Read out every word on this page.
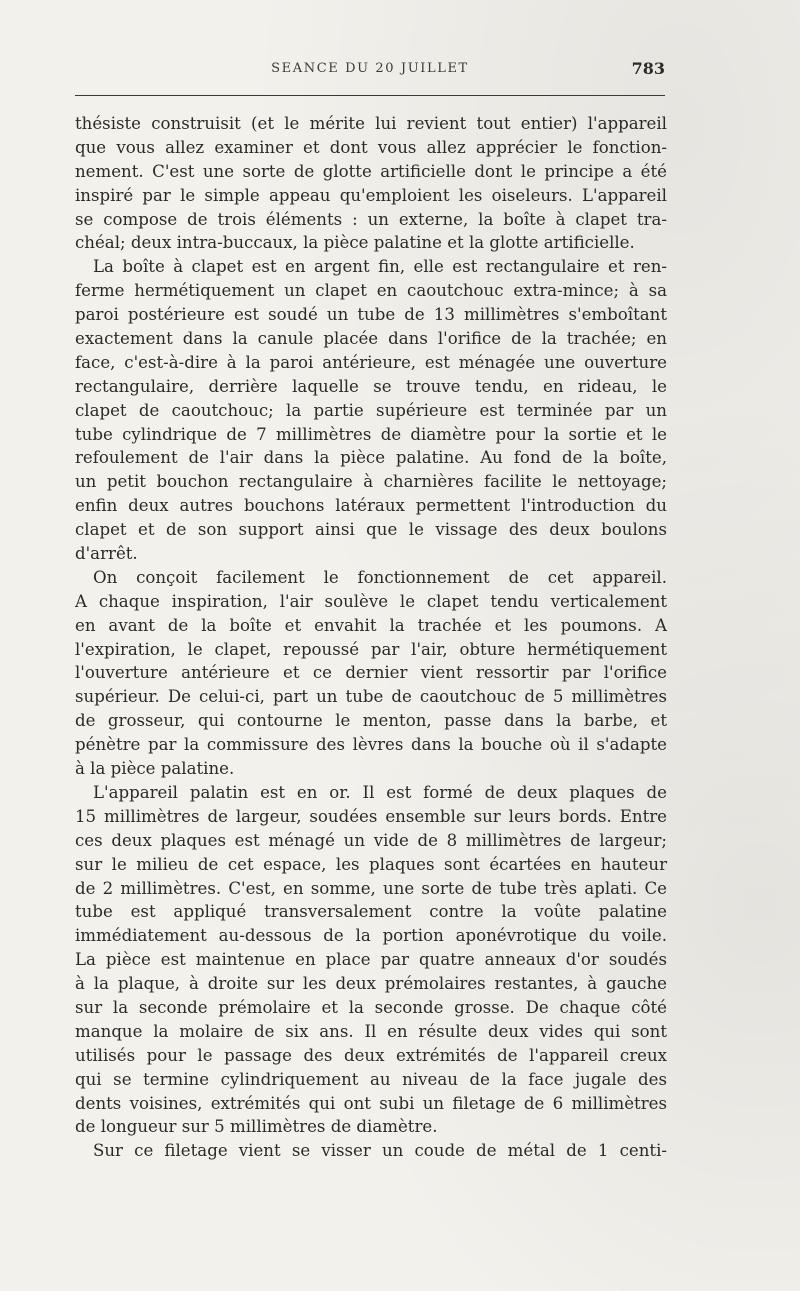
SEANCE DU 20 JUILLET	783
thésiste construisit (et le mérite lui revient tout entier) l'appareil
que vous allez examiner et dont vous allez apprécier le fonction-
nement. C'est une sorte de glotte artificielle dont le principe a été
inspiré par le simple appeau qu'emploient les oiseleurs. L'appareil
se compose de trois éléments : un externe, la boîte à clapet tra-
chéal; deux intra-buccaux, la pièce palatine et la glotte artificielle.
La boîte à clapet est en argent fin, elle est rectangulaire et ren-
ferme hermétiquement un clapet en caoutchouc extra-mince; à sa
paroi postérieure est soudé un tube de 13 millimètres s'emboîtant
exactement dans la canule placée dans l'orifice de la trachée; en
face, c'est-à-dire à la paroi antérieure, est ménagée une ouverture
rectangulaire, derrière laquelle se trouve tendu, en rideau, le
clapet de caoutchouc; la partie supérieure est terminée par un
tube cylindrique de 7 millimètres de diamètre pour la sortie et le
refoulement de l'air dans la pièce palatine. Au fond de la boîte,
un petit bouchon rectangulaire à charnières facilite le nettoyage;
enfin deux autres bouchons latéraux permettent l'introduction du
clapet et de son support ainsi que le vissage des deux boulons
d'arrêt.
On conçoit facilement le fonctionnement de cet appareil.
A chaque inspiration, l'air soulève le clapet tendu verticalement
en avant de la boîte et envahit la trachée et les poumons. A
l'expiration, le clapet, repoussé par l'air, obture hermétiquement
l'ouverture antérieure et ce dernier vient ressortir par l'orifice
supérieur. De celui-ci, part un tube de caoutchouc de 5 millimètres
de grosseur, qui contourne le menton, passe dans la barbe, et
pénètre par la commissure des lèvres dans la bouche où il s'adapte
à la pièce palatine.
L'appareil palatin est en or. Il est formé de deux plaques de
15 millimètres de largeur, soudées ensemble sur leurs bords. Entre
ces deux plaques est ménagé un vide de 8 millimètres de largeur;
sur le milieu de cet espace, les plaques sont écartées en hauteur
de 2 millimètres. C'est, en somme, une sorte de tube très aplati. Ce
tube est appliqué transversalement contre la voûte palatine
immédiatement au-dessous de la portion aponévrotique du voile.
La pièce est maintenue en place par quatre anneaux d'or soudés
à la plaque, à droite sur les deux prémolaires restantes, à gauche
sur la seconde prémolaire et la seconde grosse. De chaque côté
manque la molaire de six ans. Il en résulte deux vides qui sont
utilisés pour le passage des deux extrémités de l'appareil creux
qui se termine cylindriquement au niveau de la face jugale des
dents voisines, extrémités qui ont subi un filetage de 6 millimètres
de longueur sur 5 millimètres de diamètre.
Sur ce filetage vient se visser un coude de métal de 1 centi-
